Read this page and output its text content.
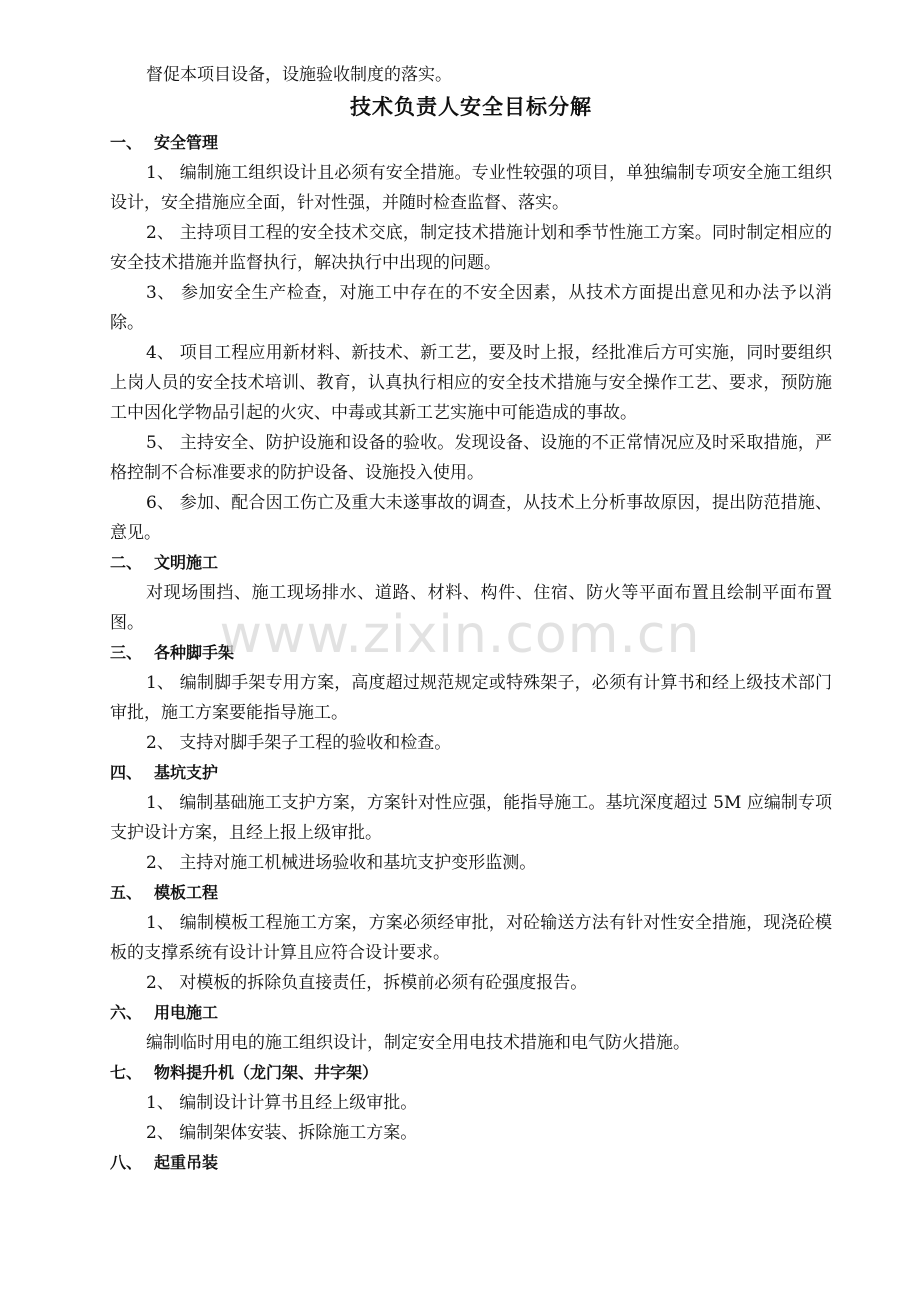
督促本项目设备，设施验收制度的落实。

技术负责人安全目标分解
一、 安全管理

1、 编制施工组织设计且必须有安全措施。专业性较强的项目，单独编制专项安全施工组织设计，安全措施应全面，针对性强，并随时检查监督、落实。

2、 主持项目工程的安全技术交底，制定技术措施计划和季节性施工方案。同时制定相应的安全技术措施并监督执行，解决执行中出现的问题。

3、 参加安全生产检查，对施工中存在的不安全因素，从技术方面提出意见和办法予以消除。

4、 项目工程应用新材料、新技术、新工艺，要及时上报，经批准后方可实施，同时要组织上岗人员的安全技术培训、教育，认真执行相应的安全技术措施与安全操作工艺、要求，预防施工中因化学物品引起的火灾、中毒或其新工艺实施中可能造成的事故。

5、 主持安全、防护设施和设备的验收。发现设备、设施的不正常情况应及时采取措施，严格控制不合标准要求的防护设备、设施投入使用。

6、 参加、配合因工伤亡及重大未遂事故的调查，从技术上分析事故原因，提出防范措施、意见。

二、 文明施工

对现场围挡、施工现场排水、道路、材料、构件、住宿、防火等平面布置且绘制平面布置图。

三、 各种脚手架

1、 编制脚手架专用方案，高度超过规范规定或特殊架子，必须有计算书和经上级技术部门审批，施工方案要能指导施工。

2、 支持对脚手架子工程的验收和检查。

四、 基坑支护

1、 编制基础施工支护方案，方案针对性应强，能指导施工。基坑深度超过 5M 应编制专项支护设计方案，且经上报上级审批。

2、 主持对施工机械进场验收和基坑支护变形监测。

五、 模板工程

1、 编制模板工程施工方案，方案必须经审批，对砼输送方法有针对性安全措施，现浇砼模板的支撑系统有设计计算且应符合设计要求。

2、 对模板的拆除负直接责任，拆模前必须有砼强度报告。

六、 用电施工

编制临时用电的施工组织设计，制定安全用电技术措施和电气防火措施。

七、 物料提升机（龙门架、井字架）

1、 编制设计计算书且经上级审批。

2、 编制架体安装、拆除施工方案。

八、 起重吊装
www.zixin.com.cn
